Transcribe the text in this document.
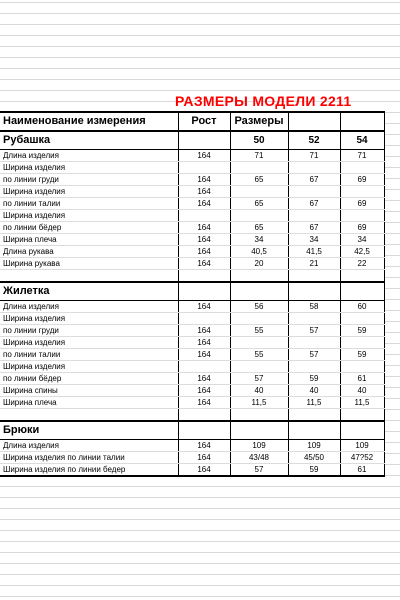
РАЗМЕРЫ МОДЕЛИ 2211
Наименование измерения	Рост	Размеры		
Рубашка		50	52	54
Длина изделия	164	71	71	71
Ширина изделия				
по линии груди	164	65	67	69
Ширина изделия	164			
по линии талии	164	65	67	69
Ширина изделия				
по линии бёдер	164	65	67	69
Ширина плеча	164	34	34	34
Длина рукава	164	40,5	41,5	42,5
Ширина рукава	164	20	21	22

Жилетка				
Длина изделия	164	56	58	60
Ширина изделия				
по линии груди	164	55	57	59
Ширина изделия	164			
по линии талии	164	55	57	59
Ширина изделия				
по линии бёдер	164	57	59	61
Ширина спины	164	40	40	40
Ширина плеча	164	11,5	11,5	11,5

Брюки				
Длина изделия	164	109	109	109
Ширина изделия по линии талии	164	43/48	45/50	47?52
Ширина изделия по линии бедер	164	57	59	61
